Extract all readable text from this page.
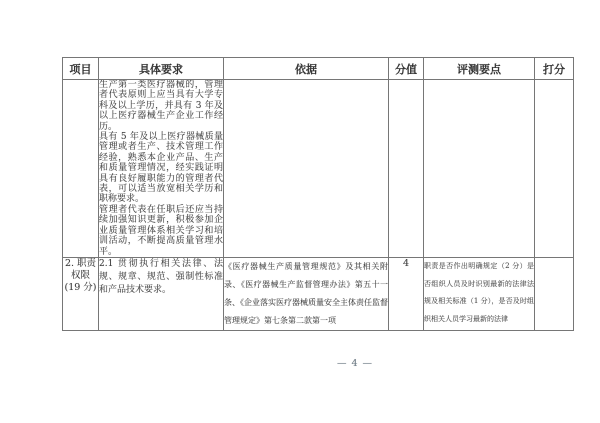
项目	具体要求	依据	分值	评测要点	打分

	生产第一类医疗器械的，管理者代表原则上应当具有大学专科及以上学历，并具有 3 年及以上医疗器械生产企业工作经历。

具有 5 年及以上医疗器械质量管理或者生产、技术管理工作经验，熟悉本企业产品、生产和质量管理情况，经实践证明具有良好履职能力的管理者代表，可以适当放宽相关学历和职称要求。

管理者代表在任职后还应当持续加强知识更新，积极参加企业质量管理体系相关学习和培训活动，不断提高质量管理水平。				

2. 职责
权限
(19 分)	2.1 贯彻执行相关法律、法规、规章、规范、强制性标准和产品技术要求。	《医疗器械生产质量管理规范》及其相关附录、《医疗器械生产监督管理办法》第五十一条、《企业落实医疗器械质量安全主体责任监督管理规定》第七条第二款第一项	4	职责是否作出明确规定（2 分）是否组织人员及时识别最新的法律法规及相关标准（1 分），是否及时组织相关人员学习最新的法律	
— 4 —
